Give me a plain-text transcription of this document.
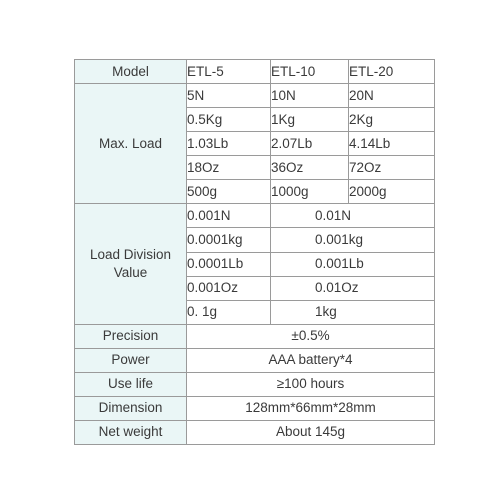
Model	ETL-5	ETL-10	ETL-20
Max. Load	5N	10N	20N
	0.5Kg	1Kg	2Kg
	1.03Lb	2.07Lb	4.14Lb
	18Oz	36Oz	72Oz
	500g	1000g	2000g

Load Division
Value	0.001N	0.01N	
	0.0001kg	0.001kg	
	0.0001Lb	0.001Lb	
	0.001Oz	0.01Oz	
	0. 1g	1kg	
Precision	±0.5%		
Power	AAA battery*4		
Use life	≥100 hours		
Dimension	128mm*66mm*28mm		
Net weight	About 145g		
